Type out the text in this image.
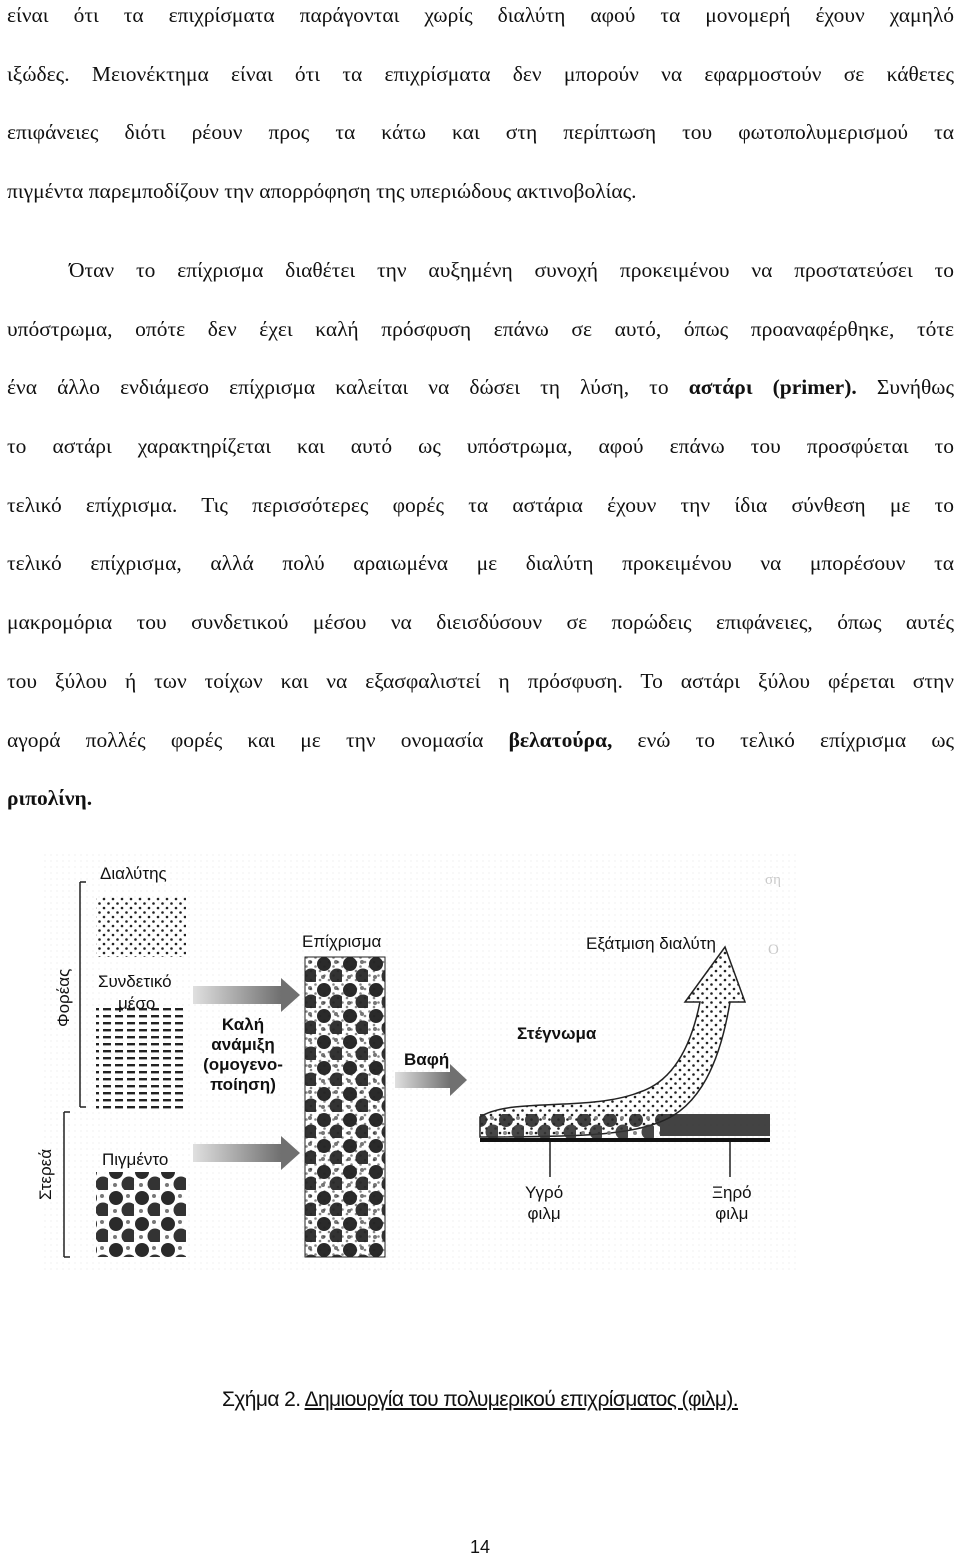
είναι ότι τα επιχρίσματα παράγονται χωρίς διαλύτη αφού τα μονομερή έχουν χαμηλό
ιξώδες. Μειονέκτημα είναι ότι τα επιχρίσματα δεν μπορούν να εφαρμοστούν σε κάθετες
επιφάνειες διότι ρέουν προς τα κάτω και στη περίπτωση του φωτοπολυμερισμού τα
πιγμέντα παρεμποδίζουν την απορρόφηση της υπεριώδους ακτινοβολίας.
Όταν το επίχρισμα διαθέτει την αυξημένη συνοχή προκειμένου να προστατεύσει το
υπόστρωμα, οπότε δεν έχει καλή πρόσφυση επάνω σε αυτό, όπως προαναφέρθηκε, τότε
ένα άλλο ενδιάμεσο επίχρισμα καλείται να δώσει τη λύση, το αστάρι (primer). Συνήθως
το αστάρι χαρακτηρίζεται και αυτό ως υπόστρωμα, αφού επάνω του προσφύεται το
τελικό επίχρισμα. Τις περισσότερες φορές τα αστάρια έχουν την ίδια σύνθεση με το
τελικό επίχρισμα, αλλά πολύ αραιωμένα με διαλύτη προκειμένου να μπορέσουν τα
μακρομόρια του συνδετικού μέσου να διεισδύσουν σε πορώδεις επιφάνειες, όπως αυτές
του ξύλου ή των τοίχων και να εξασφαλιστεί η πρόσφυση. Το αστάρι ξύλου φέρεται στην
αγορά πολλές φορές και με την ονομασία βελατούρα, ενώ το τελικό επίχρισμα ως
ριπολίνη.
ση
Ο
Διαλύτης
Συνδετικό
μέσο
Πιγμέντο
Φορέας
Στερεά
Επίχρισμα
Καλή
ανάμιξη
(ομογενο-
ποίηση)
Βαφή
Εξάτμιση διαλύτη
Στέγνωμα
Υγρό
φιλμ
Ξηρό
φιλμ
Σχήμα 2. Δημιουργία του πολυμερικού επιχρίσματος (φιλμ).
14
